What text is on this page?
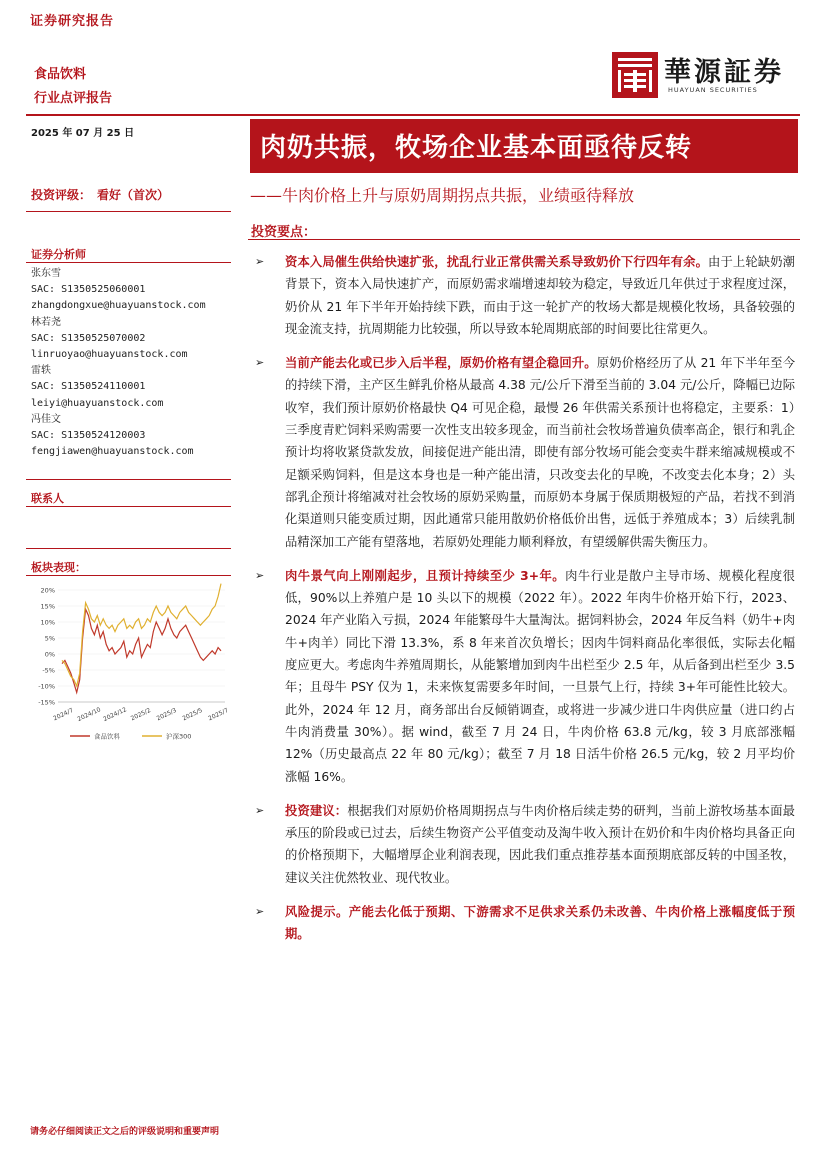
证券研究报告
食品饮料
行业点评报告
華源証券
HUAYUAN SECURITIES
2025 年 07 月 25 日	肉奶共振，牧场企业基本面亟待反转
——牛肉价格上升与原奶周期拐点共振，业绩亟待释放
投资评级： 看好（首次）
证券分析师
张东雪
SAC: S1350525060001
zhangdongxue@huayuanstock.com
林若尧
SAC: S1350525070002
linruoyao@huayuanstock.com
雷轶
SAC: S1350524110001
leiyi@huayuanstock.com
冯佳文
SAC: S1350524120003
fengjiawen@huayuanstock.com
联系人
板块表现：
20%
15%
10%
5%
0%
-5%
-10%
-15%
2024/7 2024/10 2024/12 2025/2 2025/3 2025/5 2025/7
食品饮料	沪深300
投资要点：
➢ 资本入局催生供给快速扩张，扰乱行业正常供需关系导致奶价下行四年有余。由于上轮缺奶潮背景下，资本入局快速扩产，而原奶需求端增速却较为稳定，导致近几年供过于求程度过深，奶价从 21 年下半年开始持续下跌，而由于这一轮扩产的牧场大都是规模化牧场，具备较强的现金流支持，抗周期能力比较强，所以导致本轮周期底部的时间要比往常更久。
➢ 当前产能去化或已步入后半程，原奶价格有望企稳回升。原奶价格经历了从 21 年下半年至今的持续下滑，主产区生鲜乳价格从最高 4.38 元/公斤下滑至当前的 3.04 元/公斤，降幅已边际收窄，我们预计原奶价格最快 Q4 可见企稳，最慢 26 年供需关系预计也将稳定，主要系：1）三季度青贮饲料采购需要一次性支出较多现金，而当前社会牧场普遍负债率高企，银行和乳企预计均将收紧贷款发放，间接促进产能出清，即使有部分牧场可能会变卖牛群来缩减规模或不足额采购饲料，但是这本身也是一种产能出清，只改变去化的早晚，不改变去化本身；2）头部乳企预计将缩减对社会牧场的原奶采购量，而原奶本身属于保质期极短的产品，若找不到消化渠道则只能变质过期，因此通常只能用散奶价格低价出售，远低于养殖成本；3）后续乳制品精深加工产能有望落地，若原奶处理能力顺利释放，有望缓解供需失衡压力。
➢ 肉牛景气向上刚刚起步，且预计持续至少 3+年。肉牛行业是散户主导市场、规模化程度很低，90%以上养殖户是 10 头以下的规模（2022 年）。2022 年肉牛价格开始下行，2023、2024 年产业陷入亏损，2024 年能繁母牛大量淘汰。据饲料协会，2024 年反刍料（奶牛+肉牛+肉羊）同比下滑 13.3%，系 8 年来首次负增长；因肉牛饲料商品化率很低，实际去化幅度应更大。考虑肉牛养殖周期长，从能繁增加到肉牛出栏至少 2.5 年，从后备到出栏至少 3.5 年；且母牛 PSY 仅为 1，未来恢复需要多年时间，一旦景气上行，持续 3+年可能性比较大。此外，2024 年 12 月，商务部出台反倾销调查，或将进一步减少进口牛肉供应量（进口约占牛肉消费量 30%）。据 wind，截至 7 月 24 日，牛肉价格 63.8 元/kg，较 3 月底部涨幅 12%（历史最高点 22 年 80 元/kg）；截至 7 月 18 日活牛价格 26.5 元/kg，较 2 月平均价涨幅 16%。
➢ 投资建议：根据我们对原奶价格周期拐点与牛肉价格后续走势的研判，当前上游牧场基本面最承压的阶段或已过去，后续生物资产公平值变动及淘牛收入预计在奶价和牛肉价格均具备正向的价格预期下，大幅增厚企业利润表现，因此我们重点推荐基本面预期底部反转的中国圣牧，建议关注优然牧业、现代牧业。
➢ 风险提示。产能去化低于预期、下游需求不足供求关系仍未改善、牛肉价格上涨幅度低于预期。
请务必仔细阅读正文之后的评级说明和重要声明
